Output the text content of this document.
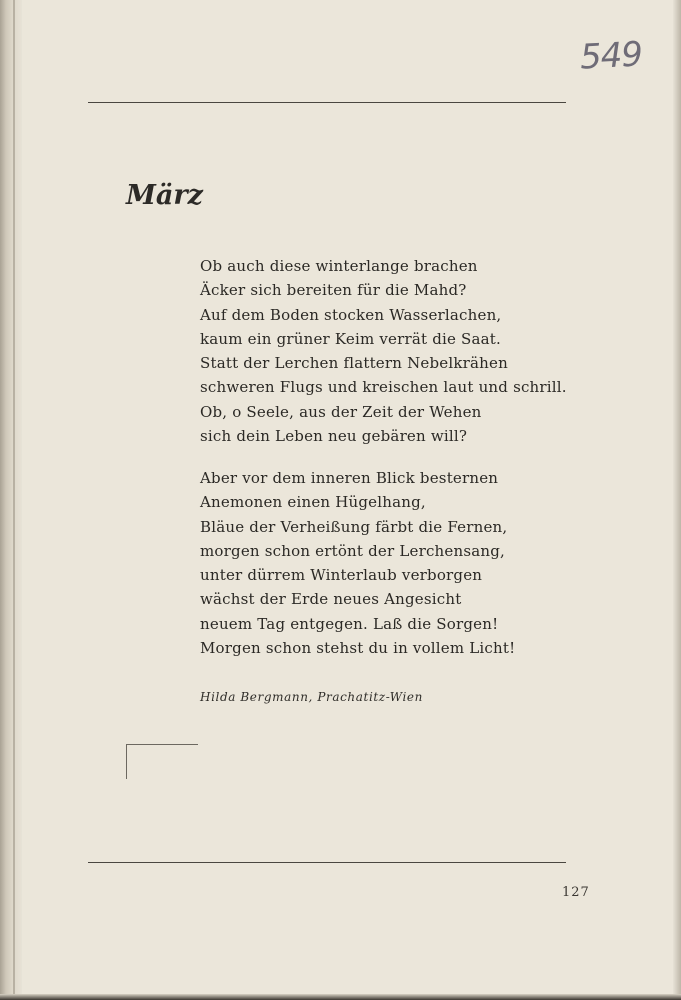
549
März
Ob auch diese winterlange brachen
Äcker sich bereiten für die Mahd?
Auf dem Boden stocken Wasserlachen,
kaum ein grüner Keim verrät die Saat.
Statt der Lerchen flattern Nebelkrähen
schweren Flugs und kreischen laut und schrill.
Ob, o Seele, aus der Zeit der Wehen
sich dein Leben neu gebären will?
Aber vor dem inneren Blick besternen
Anemonen einen Hügelhang,
Bläue der Verheißung färbt die Fernen,
morgen schon ertönt der Lerchensang,
unter dürrem Winterlaub verborgen
wächst der Erde neues Angesicht
neuem Tag entgegen. Laß die Sorgen!
Morgen schon stehst du in vollem Licht!
Hilda Bergmann, Prachatitz-Wien
127
